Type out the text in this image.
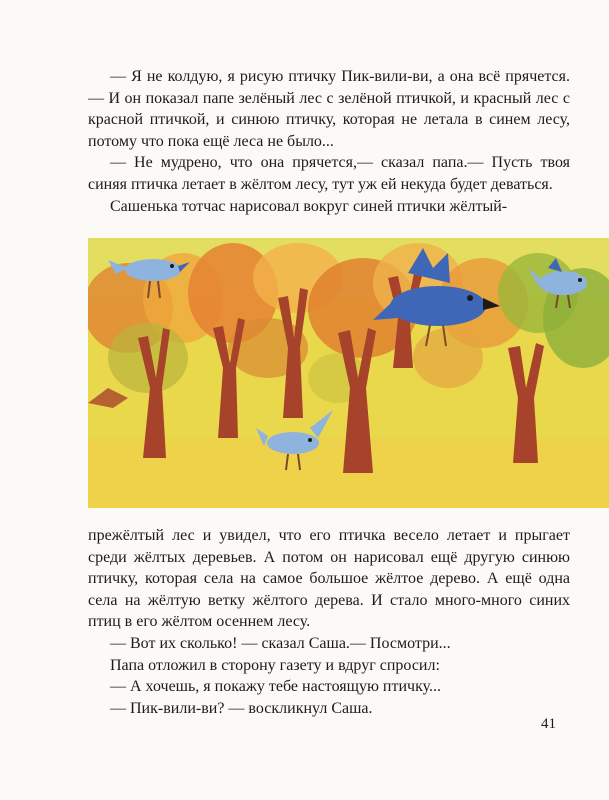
— Я не колдую, я рисую птичку Пик-вили-ви, а она всё прячется.— И он показал папе зелёный лес с зелёной птичкой, и красный лес с красной птичкой, и синюю птичку, которая не летала в синем лесу, потому что пока ещё леса не было...

— Не мудрено, что она прячется,— сказал папа.— Пусть твоя синяя птичка летает в жёлтом лесу, тут уж ей некуда будет деваться.

Сашенька тотчас нарисовал вокруг синей птички жёлтый-

прежёлтый лес и увидел, что его птичка весело летает и прыгает среди жёлтых деревьев. А потом он нарисовал ещё другую синюю птичку, которая села на самое большое жёлтое дерево. А ещё одна села на жёлтую ветку жёлтого дерева. И стало много-много синих птиц в его жёлтом осеннем лесу.

— Вот их сколько! — сказал Саша.— Посмотри...

Папа отложил в сторону газету и вдруг спросил:

— А хочешь, я покажу тебе настоящую птичку...

— Пик-вили-ви? — воскликнул Саша.

41
